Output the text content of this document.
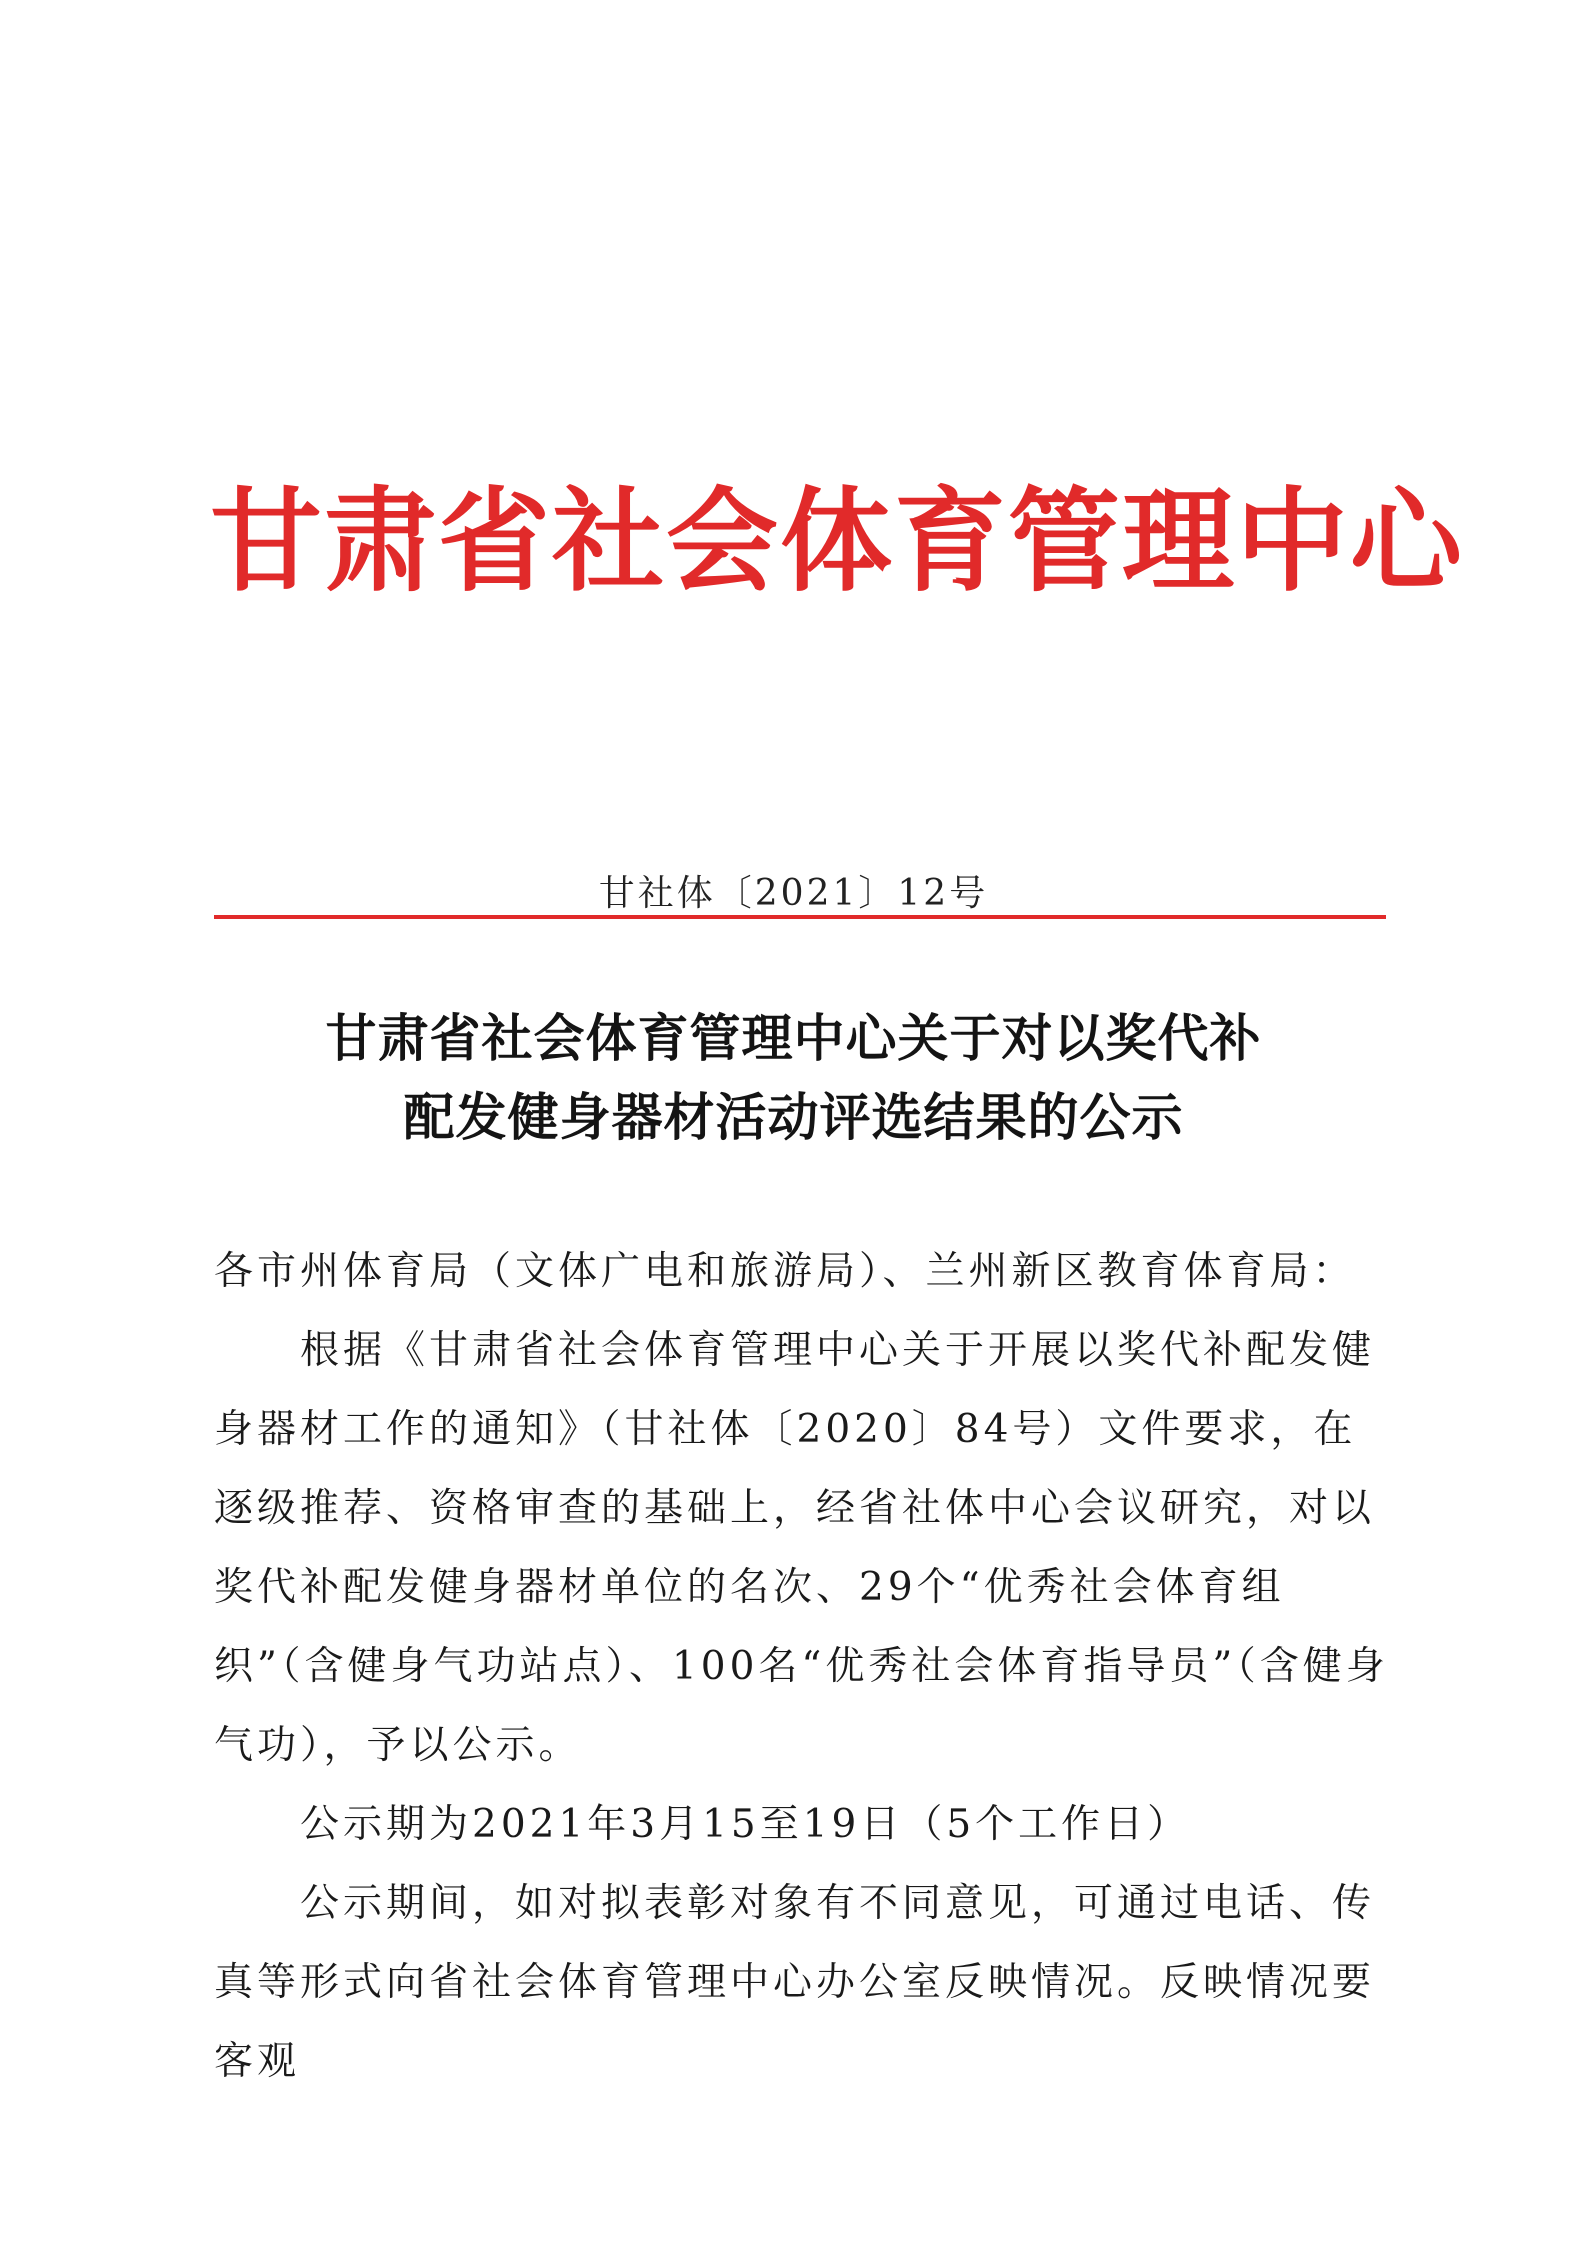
甘肃省社会体育管理中心
甘社体〔2021〕12号
甘肃省社会体育管理中心关于对以奖代补
配发健身器材活动评选结果的公示

各市州体育局（文体广电和旅游局）、兰州新区教育体育局：

根据《甘肃省社会体育管理中心关于开展以奖代补配发健身器材工作的通知》（甘社体〔2020〕84号）文件要求，在逐级推荐、资格审查的基础上，经省社体中心会议研究，对以奖代补配发健身器材单位的名次、29个“优秀社会体育组织”（含健身气功站点）、100名“优秀社会体育指导员”（含健身气功），予以公示。

公示期为2021年3月15至19日（5个工作日）

公示期间，如对拟表彰对象有不同意见，可通过电话、传真等形式向省社会体育管理中心办公室反映情况。反映情况要客观
